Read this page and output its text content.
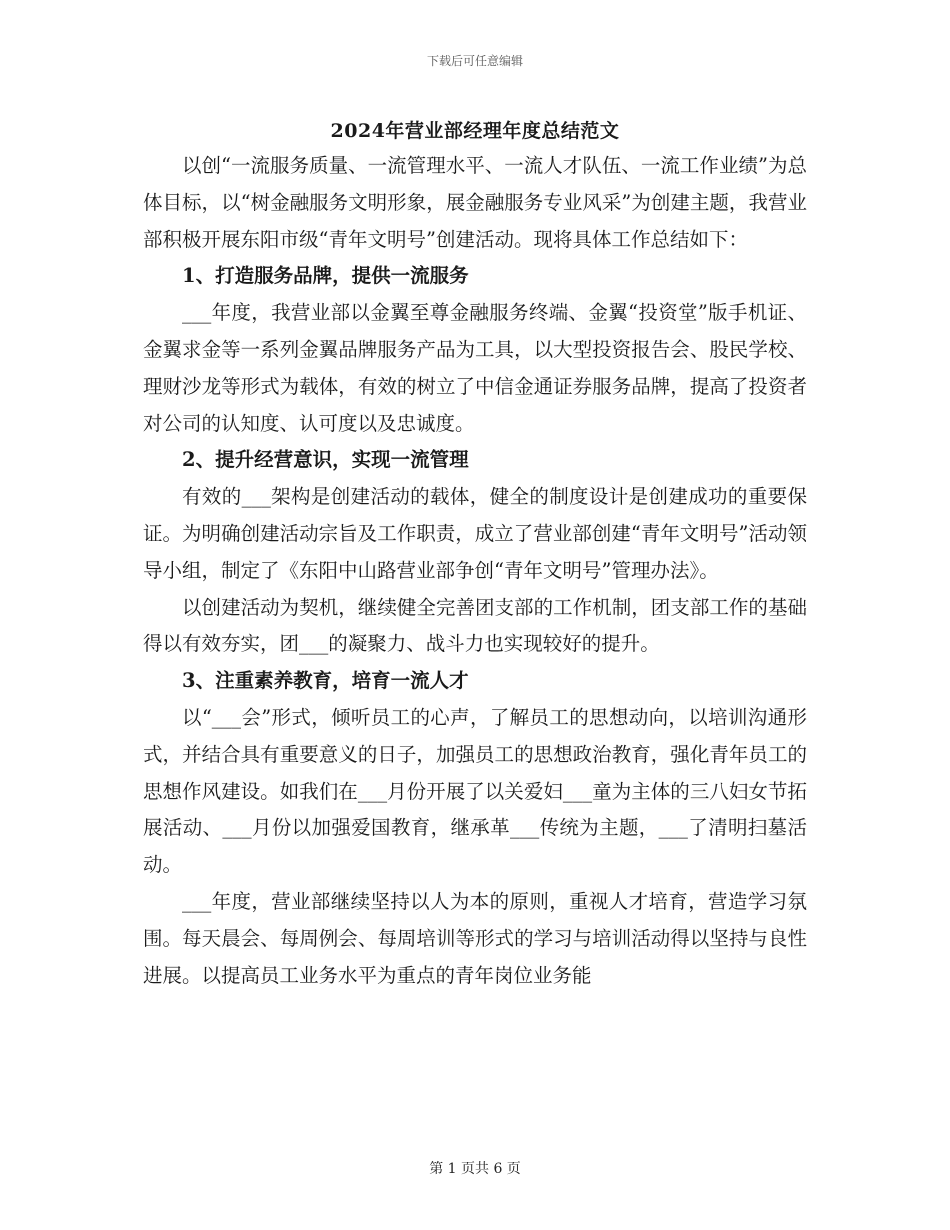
下载后可任意编辑
2024年营业部经理年度总结范文

以创“一流服务质量、一流管理水平、一流人才队伍、一流工作业绩”为总体目标，以“树金融服务文明形象，展金融服务专业风采”为创建主题，我营业部积极开展东阳市级“青年文明号”创建活动。现将具体工作总结如下：

1、打造服务品牌，提供一流服务

___年度，我营业部以金翼至尊金融服务终端、金翼“投资堂”版手机证、金翼求金等一系列金翼品牌服务产品为工具，以大型投资报告会、股民学校、理财沙龙等形式为载体，有效的树立了中信金通证券服务品牌，提高了投资者对公司的认知度、认可度以及忠诚度。

2、提升经营意识，实现一流管理

有效的___架构是创建活动的载体，健全的制度设计是创建成功的重要保证。为明确创建活动宗旨及工作职责，成立了营业部创建“青年文明号”活动领导小组，制定了《东阳中山路营业部争创“青年文明号”管理办法》。

以创建活动为契机，继续健全完善团支部的工作机制，团支部工作的基础得以有效夯实，团___的凝聚力、战斗力也实现较好的提升。

3、注重素养教育，培育一流人才

以“___会”形式，倾听员工的心声，了解员工的思想动向，以培训沟通形式，并结合具有重要意义的日子，加强员工的思想政治教育，强化青年员工的思想作风建设。如我们在___月份开展了以关爱妇___童为主体的三八妇女节拓展活动、___月份以加强爱国教育，继承革___传统为主题，___了清明扫墓活动。

___年度，营业部继续坚持以人为本的原则，重视人才培育，营造学习氛围。每天晨会、每周例会、每周培训等形式的学习与培训活动得以坚持与良性进展。以提高员工业务水平为重点的青年岗位业务能

第 1 页共 6 页
